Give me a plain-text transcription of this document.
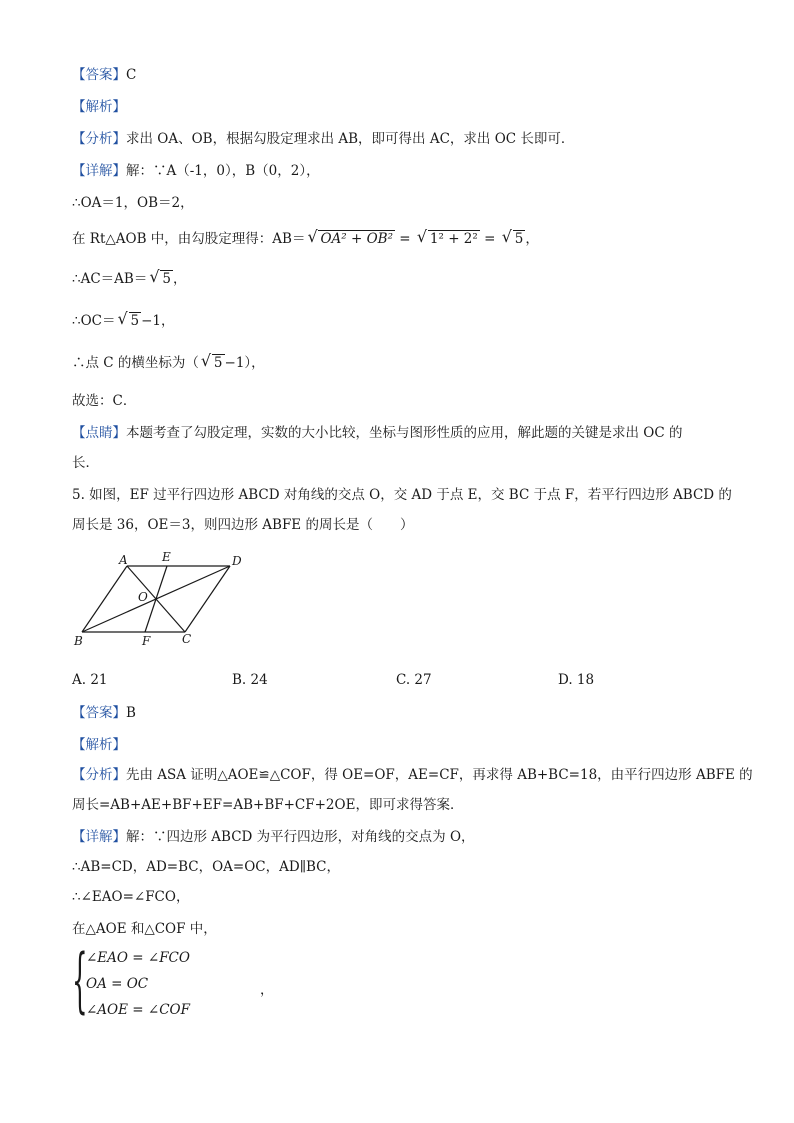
【答案】C
【解析】
【分析】求出 OA、OB，根据勾股定理求出 AB，即可得出 AC，求出 OC 长即可．
【详解】解：∵A（-1，0），B（0，2），
∴OA＝1，OB＝2，
在 Rt△AOB 中，由勾股定理得：AB＝ √ OA² + OB² = √ 1² + 2² = √ 5 ，
∴AC＝AB＝ √ 5 ，
∴OC＝ √ 5 −1，
∴点 C 的横坐标为（ √ 5 −1），
故选：C．
【点睛】本题考查了勾股定理，实数的大小比较，坐标与图形性质的应用，解此题的关键是求出 OC 的
长．
5. 如图，EF 过平行四边形 ABCD 对角线的交点 O，交 AD 于点 E，交 BC 于点 F，若平行四边形 ABCD 的
周长是 36，OE＝3，则四边形 ABFE 的周长是（　　）
A	E	D
O
B	F	C
A. 21	B. 24	C. 27	D. 18
【答案】B
【解析】
【分析】先由 ASA 证明△AOE≌△COF，得 OE=OF，AE=CF，再求得 AB+BC=18，由平行四边形 ABFE 的
周长=AB+AE+BF+EF=AB+BF+CF+2OE，即可求得答案．
【详解】解：∵四边形 ABCD 为平行四边形，对角线的交点为 O，
∴AB=CD，AD=BC，OA=OC，AD∥BC，
∴∠EAO=∠FCO，
在△AOE 和△COF 中，
{
∠EAO = ∠FCO
OA = OC
∠AOE = ∠COF
，
